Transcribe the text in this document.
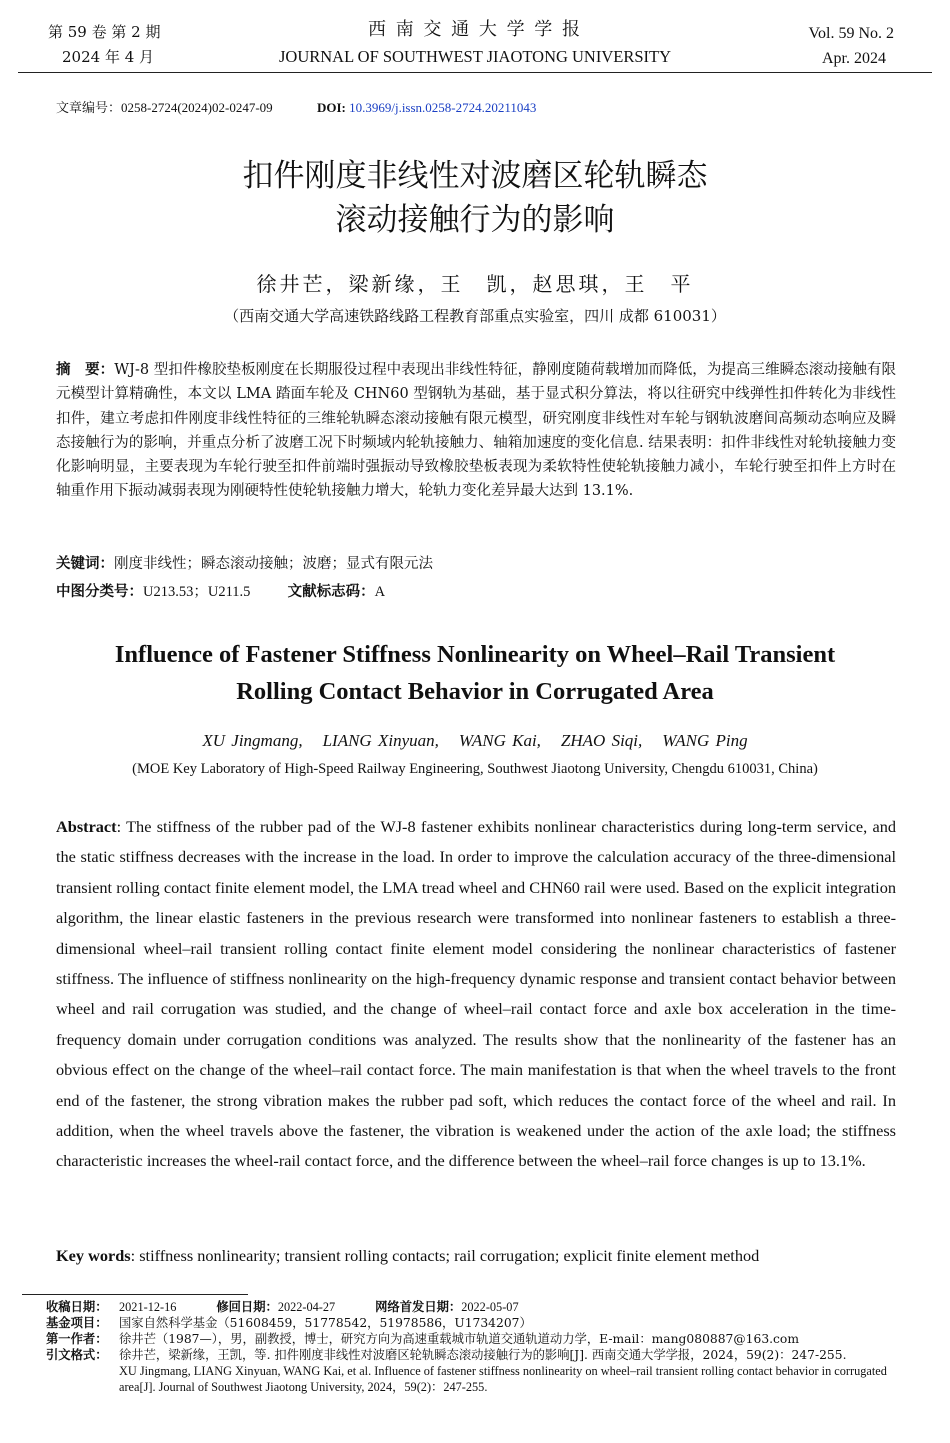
第 59 卷 第 2 期
2024 年 4 月
西 南 交 通 大 学 学 报
JOURNAL OF SOUTHWEST JIAOTONG UNIVERSITY
Vol. 59 No. 2
Apr. 2024
文章编号：0258-2724(2024)02-0247-09	DOI: 10.3969/j.issn.0258-2724.20211043
扣件刚度非线性对波磨区轮轨瞬态
滚动接触行为的影响
徐井芒，梁新缘，王　凯，赵思琪，王　平
（西南交通大学高速铁路线路工程教育部重点实验室，四川 成都 610031）
摘　要：WJ-8 型扣件橡胶垫板刚度在长期服役过程中表现出非线性特征，静刚度随荷载增加而降低，为提高三维瞬态滚动接触有限元模型计算精确性，本文以 LMA 踏面车轮及 CHN60 型钢轨为基础，基于显式积分算法，将以往研究中线弹性扣件转化为非线性扣件，建立考虑扣件刚度非线性特征的三维轮轨瞬态滚动接触有限元模型，研究刚度非线性对车轮与钢轨波磨间高频动态响应及瞬态接触行为的影响，并重点分析了波磨工况下时频域内轮轨接触力、轴箱加速度的变化信息. 结果表明：扣件非线性对轮轨接触力变化影响明显，主要表现为车轮行驶至扣件前端时强振动导致橡胶垫板表现为柔软特性使轮轨接触力减小，车轮行驶至扣件上方时在轴重作用下振动减弱表现为刚硬特性使轮轨接触力增大，轮轨力变化差异最大达到 13.1%.
关键词：刚度非线性；瞬态滚动接触；波磨；显式有限元法
中图分类号：U213.53；U211.5	文献标志码：A
Influence of Fastener Stiffness Nonlinearity on Wheel–Rail Transient
Rolling Contact Behavior in Corrugated Area
XU Jingmang, LIANG Xinyuan, WANG Kai, ZHAO Siqi, WANG Ping
(MOE Key Laboratory of High-Speed Railway Engineering, Southwest Jiaotong University, Chengdu 610031, China)
Abstract: The stiffness of the rubber pad of the WJ-8 fastener exhibits nonlinear characteristics during long-term service, and the static stiffness decreases with the increase in the load. In order to improve the calculation accuracy of the three-dimensional transient rolling contact finite element model, the LMA tread wheel and CHN60 rail were used. Based on the explicit integration algorithm, the linear elastic fasteners in the previous research were transformed into nonlinear fasteners to establish a three-dimensional wheel–rail transient rolling contact finite element model considering the nonlinear characteristics of fastener stiffness. The influence of stiffness nonlinearity on the high-frequency dynamic response and transient contact behavior between wheel and rail corrugation was studied, and the change of wheel–rail contact force and axle box acceleration in the time-frequency domain under corrugation conditions was analyzed. The results show that the nonlinearity of the fastener has an obvious effect on the change of the wheel–rail contact force. The main manifestation is that when the wheel travels to the front end of the fastener, the strong vibration makes the rubber pad soft, which reduces the contact force of the wheel and rail. In addition, when the wheel travels above the fastener, the vibration is weakened under the action of the axle load; the stiffness characteristic increases the wheel-rail contact force, and the difference between the wheel–rail force changes is up to 13.1%.
Key words: stiffness nonlinearity; transient rolling contacts; rail corrugation; explicit finite element method
收稿日期： 2021-12-16	修回日期：2022-04-27	网络首发日期：2022-05-07
基金项目： 国家自然科学基金（51608459，51778542，51978586，U1734207）
第一作者： 徐井芒（1987—），男，副教授，博士，研究方向为高速重载城市轨道交通轨道动力学，E-mail：mang080887@163.com
引文格式： 徐井芒，梁新缘，王凯，等. 扣件刚度非线性对波磨区轮轨瞬态滚动接触行为的影响[J]. 西南交通大学学报，2024，59(2)：247-255.
XU Jingmang, LIANG Xinyuan, WANG Kai, et al. Influence of fastener stiffness nonlinearity on wheel–rail transient rolling contact behavior in corrugated area[J]. Journal of Southwest Jiaotong University, 2024，59(2)：247-255.
